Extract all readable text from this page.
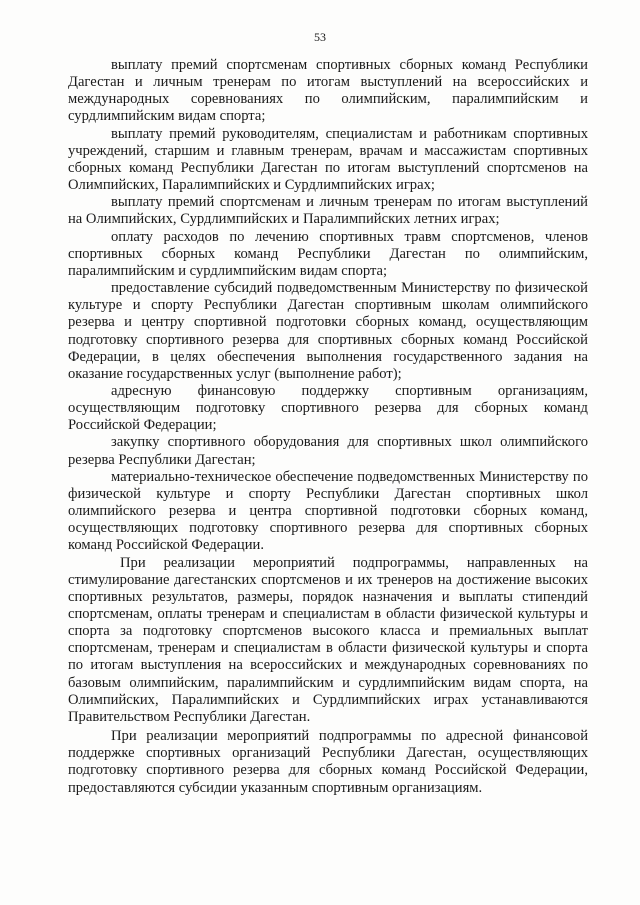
53

выплату премий спортсменам спортивных сборных команд Республики Дагестан и личным тренерам по итогам выступлений на всероссийских и международных соревнованиях по олимпийским, паралимпийским и сурдлимпийским видам спорта;

выплату премий руководителям, специалистам и работникам спортивных учреждений, старшим и главным тренерам, врачам и массажистам спортивных сборных команд Республики Дагестан по итогам выступлений спортсменов на Олимпийских, Паралимпийских и Сурдлимпийских играх;

выплату премий спортсменам и личным тренерам по итогам выступлений на Олимпийских, Сурдлимпийских и Паралимпийских летних играх;

оплату расходов по лечению спортивных травм спортсменов, членов спортивных сборных команд Республики Дагестан по олимпийским, паралимпийским и сурдлимпийским видам спорта;

предоставление субсидий подведомственным Министерству по физической культуре и спорту Республики Дагестан спортивным школам олимпийского резерва и центру спортивной подготовки сборных команд, осуществляющим подготовку спортивного резерва для спортивных сборных команд Российской Федерации, в целях обеспечения выполнения государственного задания на оказание государственных услуг (выполнение работ);

адресную финансовую поддержку спортивным организациям, осуществляющим подготовку спортивного резерва для сборных команд Российской Федерации;

закупку спортивного оборудования для спортивных школ олимпийского резерва Республики Дагестан;

материально-техническое обеспечение подведомственных Министерству по физической культуре и спорту Республики Дагестан спортивных школ олимпийского резерва и центра спортивной подготовки сборных команд, осуществляющих подготовку спортивного резерва для спортивных сборных команд Российской Федерации.

При реализации мероприятий подпрограммы, направленных на стимулирование дагестанских спортсменов и их тренеров на достижение высоких спортивных результатов, размеры, порядок назначения и выплаты стипендий спортсменам, оплаты тренерам и специалистам в области физической культуры и спорта за подготовку спортсменов высокого класса и премиальных выплат спортсменам, тренерам и специалистам в области физической культуры и спорта по итогам выступления на всероссийских и международных соревнованиях по базовым олимпийским, паралимпийским и сурдлимпийским видам спорта, на Олимпийских, Паралимпийских и Сурдлимпийских играх устанавливаются Правительством Республики Дагестан.

При реализации мероприятий подпрограммы по адресной финансовой поддержке спортивных организаций Республики Дагестан, осуществляющих подготовку спортивного резерва для сборных команд Российской Федерации, предоставляются субсидии указанным спортивным организациям.
